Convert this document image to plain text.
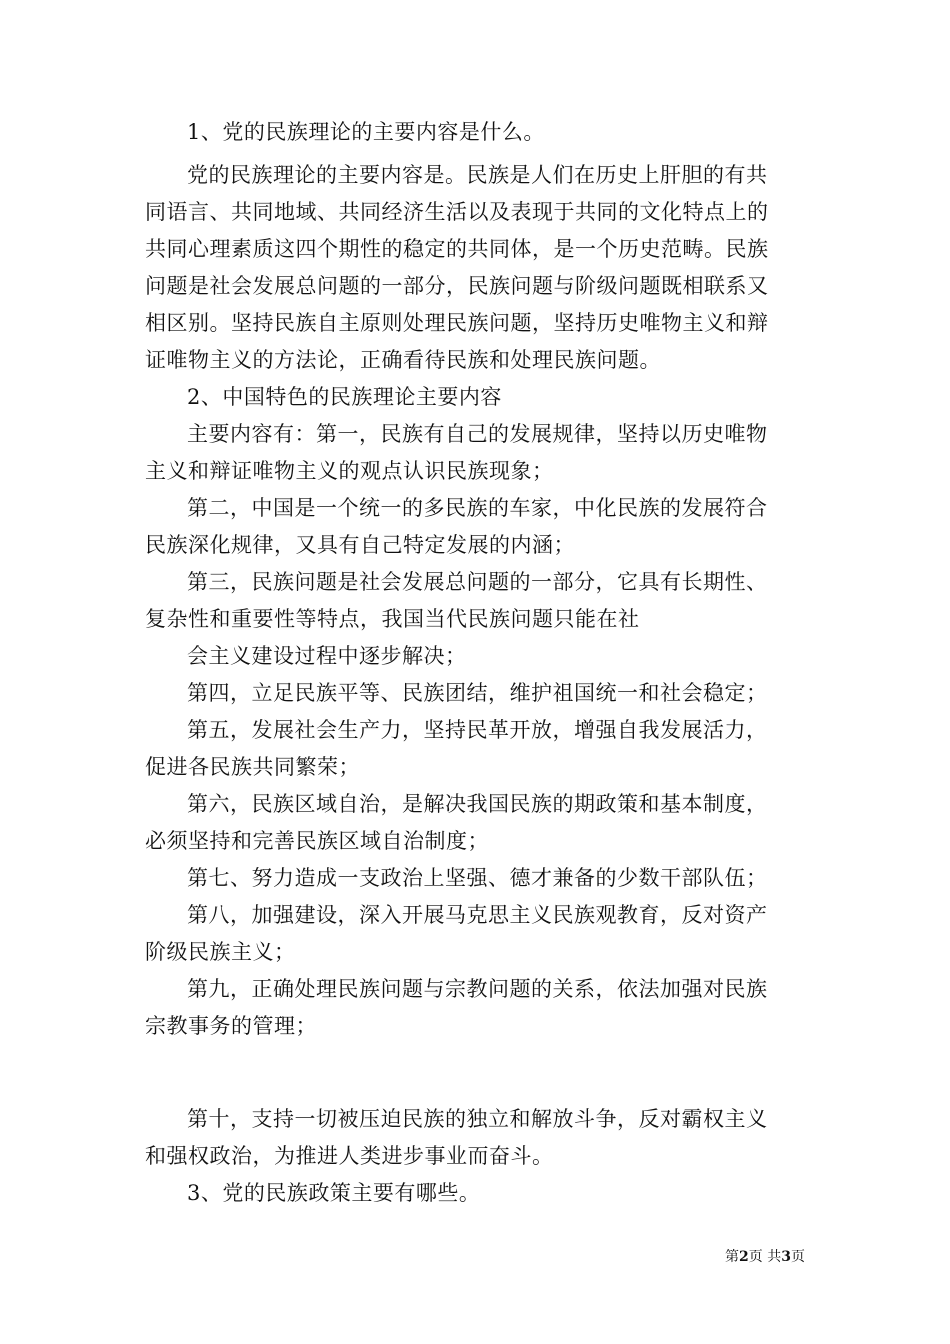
1、党的民族理论的主要内容是什么。
党的民族理论的主要内容是。民族是人们在历史上肝胆的有共
同语言、共同地域、共同经济生活以及表现于共同的文化特点上的
共同心理素质这四个期性的稳定的共同体，是一个历史范畴。民族
问题是社会发展总问题的一部分，民族问题与阶级问题既相联系又
相区别。坚持民族自主原则处理民族问题，坚持历史唯物主义和辩
证唯物主义的方法论，正确看待民族和处理民族问题。
2、中国特色的民族理论主要内容
主要内容有：第一，民族有自己的发展规律，坚持以历史唯物
主义和辩证唯物主义的观点认识民族现象；
第二，中国是一个统一的多民族的车家，中化民族的发展符合
民族深化规律，又具有自己特定发展的内涵；
第三，民族问题是社会发展总问题的一部分，它具有长期性、
复杂性和重要性等特点，我国当代民族问题只能在社
会主义建设过程中逐步解决；
第四，立足民族平等、民族团结，维护祖国统一和社会稳定；
第五，发展社会生产力，坚持民革开放，增强自我发展活力，
促进各民族共同繁荣；
第六，民族区域自治，是解决我国民族的期政策和基本制度，
必须坚持和完善民族区域自治制度；
第七、努力造成一支政治上坚强、德才兼备的少数干部队伍；
第八，加强建设，深入开展马克思主义民族观教育，反对资产
阶级民族主义；
第九，正确处理民族问题与宗教问题的关系，依法加强对民族
宗教事务的管理；
第十，支持一切被压迫民族的独立和解放斗争，反对霸权主义
和强权政治，为推进人类进步事业而奋斗。
3、党的民族政策主要有哪些。
第2页 共3页
